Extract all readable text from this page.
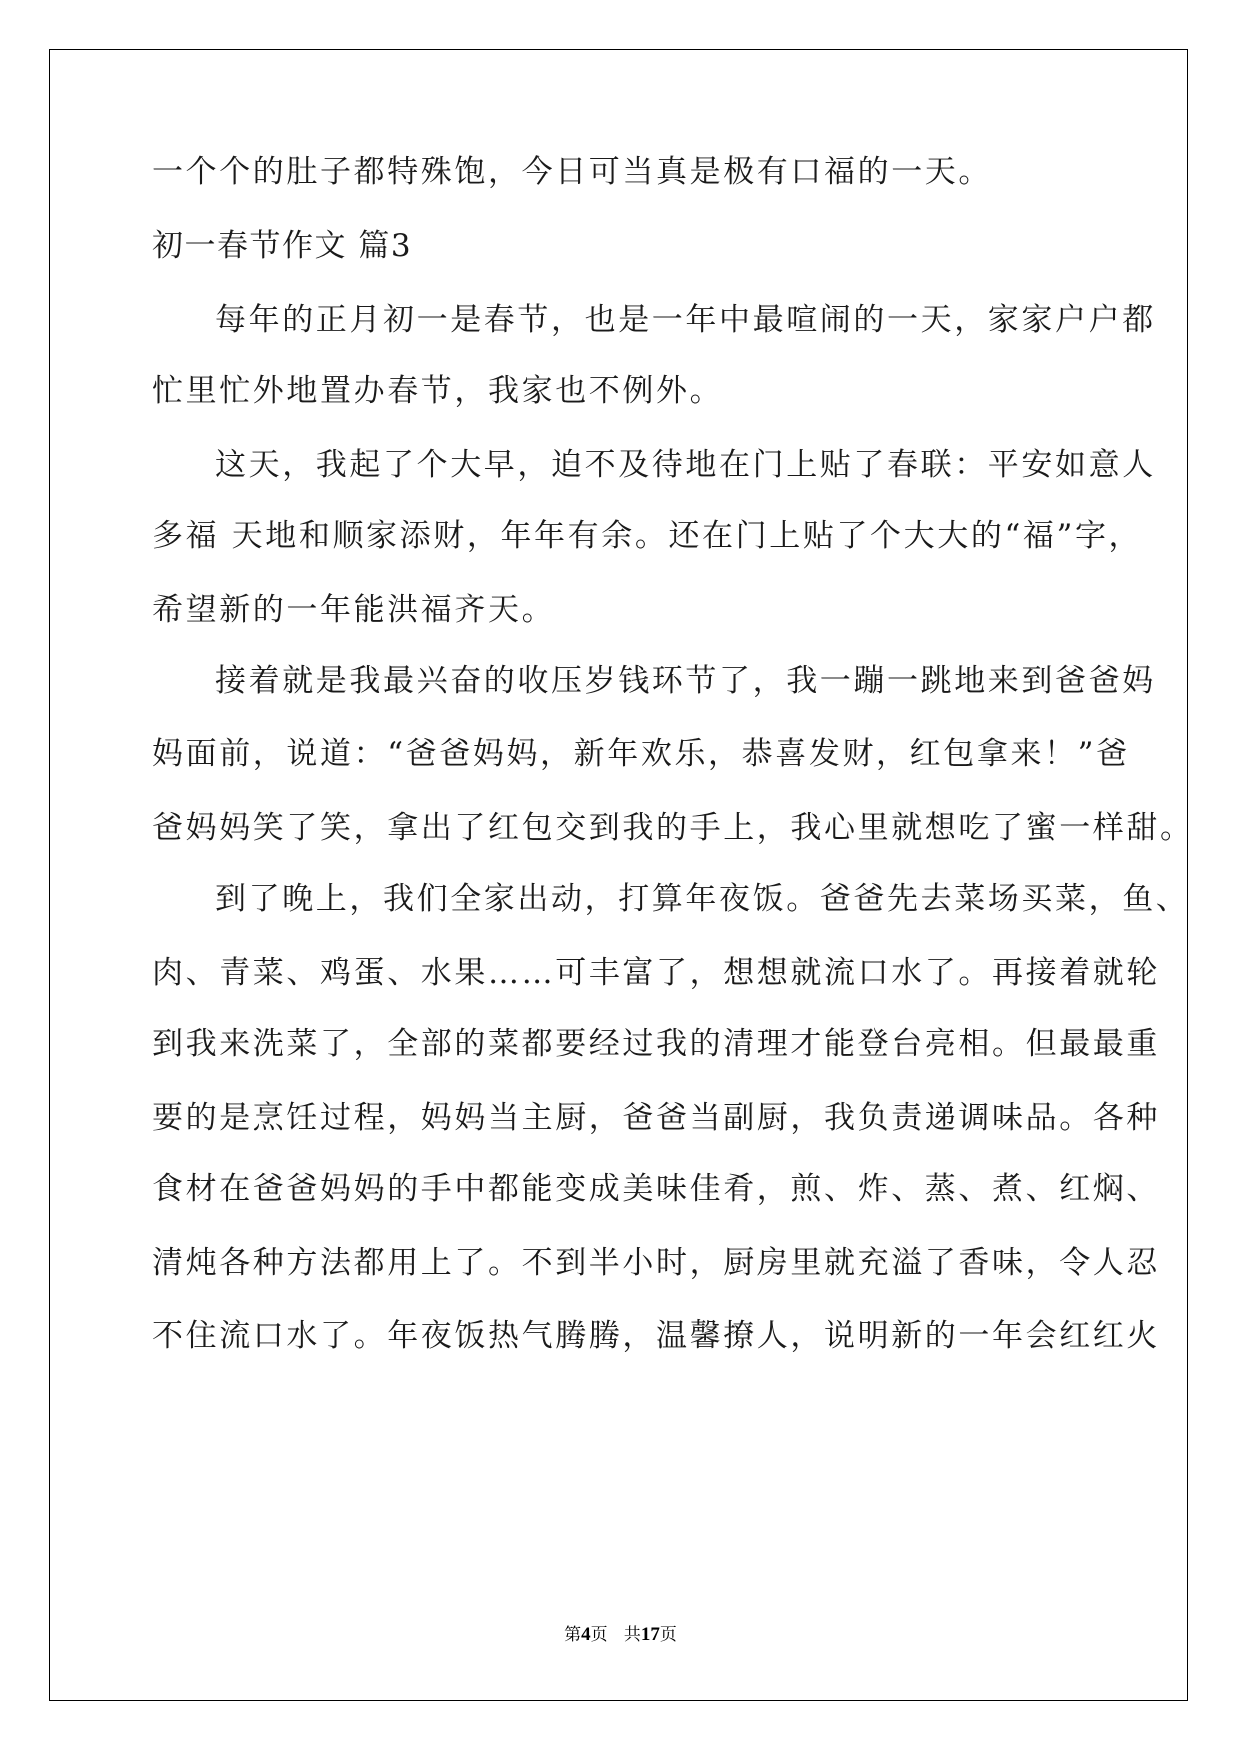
一个个的肚子都特殊饱，今日可当真是极有口福的一天。
初一春节作文 篇3
每年的正月初一是春节，也是一年中最喧闹的一天，家家户户都
忙里忙外地置办春节，我家也不例外。
这天，我起了个大早，迫不及待地在门上贴了春联：平安如意人
多福 天地和顺家添财，年年有余。还在门上贴了个大大的“福”字，
希望新的一年能洪福齐天。
接着就是我最兴奋的收压岁钱环节了，我一蹦一跳地来到爸爸妈
妈面前，说道：“爸爸妈妈，新年欢乐，恭喜发财，红包拿来！”爸
爸妈妈笑了笑，拿出了红包交到我的手上，我心里就想吃了蜜一样甜。
到了晚上，我们全家出动，打算年夜饭。爸爸先去菜场买菜，鱼、
肉、青菜、鸡蛋、水果……可丰富了，想想就流口水了。再接着就轮
到我来洗菜了，全部的菜都要经过我的清理才能登台亮相。但最最重
要的是烹饪过程，妈妈当主厨，爸爸当副厨，我负责递调味品。各种
食材在爸爸妈妈的手中都能变成美味佳肴，煎、炸、蒸、煮、红焖、
清炖各种方法都用上了。不到半小时，厨房里就充溢了香味，令人忍
不住流口水了。年夜饭热气腾腾，温馨撩人，说明新的一年会红红火
第4页 共17页
